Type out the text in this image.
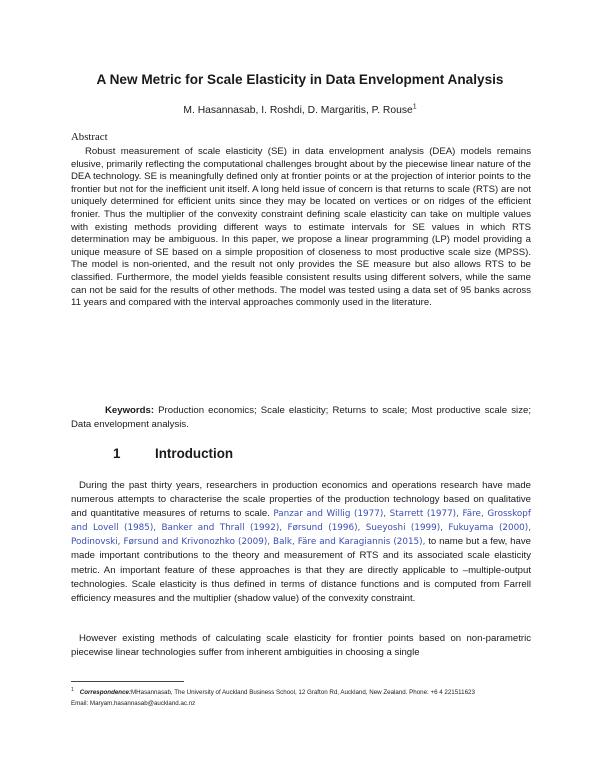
A New Metric for Scale Elasticity in Data Envelopment Analysis
M. Hasannasab, I. Roshdi, D. Margaritis, P. Rouse$^1$
Abstract

Robust measurement of scale elasticity (SE) in data envelopment analysis (DEA) models remains elusive, primarily reflecting the computational challenges brought about by the piecewise linear nature of the DEA technology. SE is meaningfully defined only at frontier points or at the projection of interior points to the frontier but not for the inefficient unit itself. A long held issue of concern is that returns to scale (RTS) are not uniquely determined for efficient units since they may be located on vertices or on ridges of the efficient fronier. Thus the multiplier of the convexity constraint defining scale elasticity can take on multiple values with existing methods providing different ways to estimate intervals for SE values in which RTS determination may be ambiguous. In this paper, we propose a linear programming (LP) model providing a unique measure of SE based on a simple proposition of closeness to most productive scale size (MPSS). The model is non-oriented, and the result not only provides the SE measure but also allows RTS to be classified. Furthermore, the model yields feasible consistent results using different solvers, while the same can not be said for the results of other methods. The model was tested using a data set of 95 banks across 11 years and compared with the interval approaches commonly used in the literature.

Keywords: Production economics; Scale elasticity; Returns to scale; Most productive scale size; Data envelopment analysis.

1	Introduction

During the past thirty years, researchers in production economics and operations research have made numerous attempts to characterise the scale properties of the production technology based on qualitative and quantitative measures of returns to scale. Panzar and Willig (1977), Starrett (1977), Färe, Grosskopf and Lovell (1985), Banker and Thrall (1992), Førsund (1996), Sueyoshi (1999), Fukuyama (2000), Podinovski, Førsund and Krivonozhko (2009), Balk, Färe and Karagiannis (2015), to name but a few, have made important contributions to the theory and measurement of RTS and its associated scale elasticity metric. An important feature of these approaches is that they are directly applicable to –multiple-output technologies. Scale elasticity is thus defined in terms of distance functions and is computed from Farrell efficiency measures and the multiplier (shadow value) of the convexity constraint.

However existing methods of calculating scale elasticity for frontier points based on non-parametric piecewise linear technologies suffer from inherent ambiguities in choosing a single

$^1$ Correspondence:MHasannasab, The University of Auckland Business School, 12 Grafton Rd, Auckland, New Zealand. Phone: +6 4 221511623
Email: Maryam.hasannasab@auckland.ac.nz
